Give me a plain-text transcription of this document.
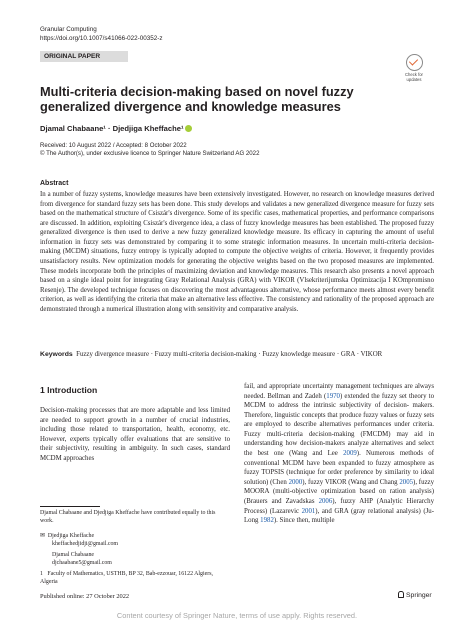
Granular Computing
https://doi.org/10.1007/s41066-022-00352-z
ORIGINAL PAPER
Check for
updates
Multi-criteria decision-making based on novel fuzzy generalized divergence and knowledge measures
Djamal Chabaane¹ · Djedjiga Kheffache¹
Received: 10 August 2022 / Accepted: 8 October 2022
© The Author(s), under exclusive licence to Springer Nature Switzerland AG 2022
Abstract
In a number of fuzzy systems, knowledge measures have been extensively investigated. However, no research on knowledge measures derived from divergence for standard fuzzy sets has been done. This study develops and validates a new generalized divergence measure for fuzzy sets based on the mathematical structure of Csiszár's divergence. Some of its specific cases, mathematical properties, and performance comparisons are discussed. In addition, exploiting Csiszár's divergence idea, a class of fuzzy knowledge measures has been established. The proposed fuzzy generalized divergence is then used to derive a new fuzzy generalized knowledge measure. Its efficacy in capturing the amount of useful information in fuzzy sets was demonstrated by comparing it to some strategic information measures. In uncertain multi-criteria decision-making (MCDM) situations, fuzzy entropy is typically adopted to compute the objective weights of criteria. However, it frequently provides unsatisfactory results. New optimization models for generating the objective weights based on the two proposed measures are implemented. These models incorporate both the principles of maximizing deviation and knowledge measures. This research also presents a novel approach based on a single ideal point for integrating Gray Relational Analysis (GRA) with VIKOR (Vlsekriterijumska Optimizacija I KOmpromisno Resenje). The developed technique focuses on discovering the most advantageous alternative, whose performance meets almost every benefit criterion, as well as identifying the criteria that make an alternative less effective. The consistency and rationality of the proposed approach are demonstrated through a numerical illustration along with sensitivity and comparative analysis.
Keywords Fuzzy divergence measure · Fuzzy multi-criteria decision-making · Fuzzy knowledge measure · GRA · VIKOR
1 Introduction
Decision-making processes that are more adaptable and less limited are needed to support growth in a number of crucial industries, including those related to transportation, health, economy, etc. However, experts typically offer evaluations that are sensitive to their subjectivity, resulting in ambiguity. In such cases, standard MCDM approaches
fail, and appropriate uncertainty management techniques are always needed. Bellman and Zadeh (1970) extended the fuzzy set theory to MCDM to address the intrinsic subjectivity of decision- makers. Therefore, linguistic concepts that produce fuzzy values or fuzzy sets are employed to describe alternatives performances under criteria. Fuzzy multi-criteria decision-making (FMCDM) may aid in understanding how decision-makers analyze alternatives and select the best one (Wang and Lee 2009). Numerous methods of conventional MCDM have been expanded to fuzzy atmosphere as fuzzy TOPSIS (technique for order preference by similarity to ideal solution) (Chen 2000), fuzzy VIKOR (Wang and Chang 2005), fuzzy MOORA (multi-objective optimization based on ration analysis) (Brauers and Zavadskas 2006), fuzzy AHP (Analytic Hierarchy Process) (Lazarevic 2001), and GRA (gray relational analysis) (Ju-Long 1982). Since then, multiple
Djamal Chabaane and Djedjiga Kheffache have contributed equally to this work.
✉ Djedjiga Kheffache
kheffachedjidji@gmail.com
Djamal Chabaane
djchaabane5@gmail.com
1 Faculty of Mathematics, USTHB, BP 32, Bab-ezzouar, 16122 Algiers, Algeria
Published online: 27 October 2022	Springer
Content courtesy of Springer Nature, terms of use apply. Rights reserved.
